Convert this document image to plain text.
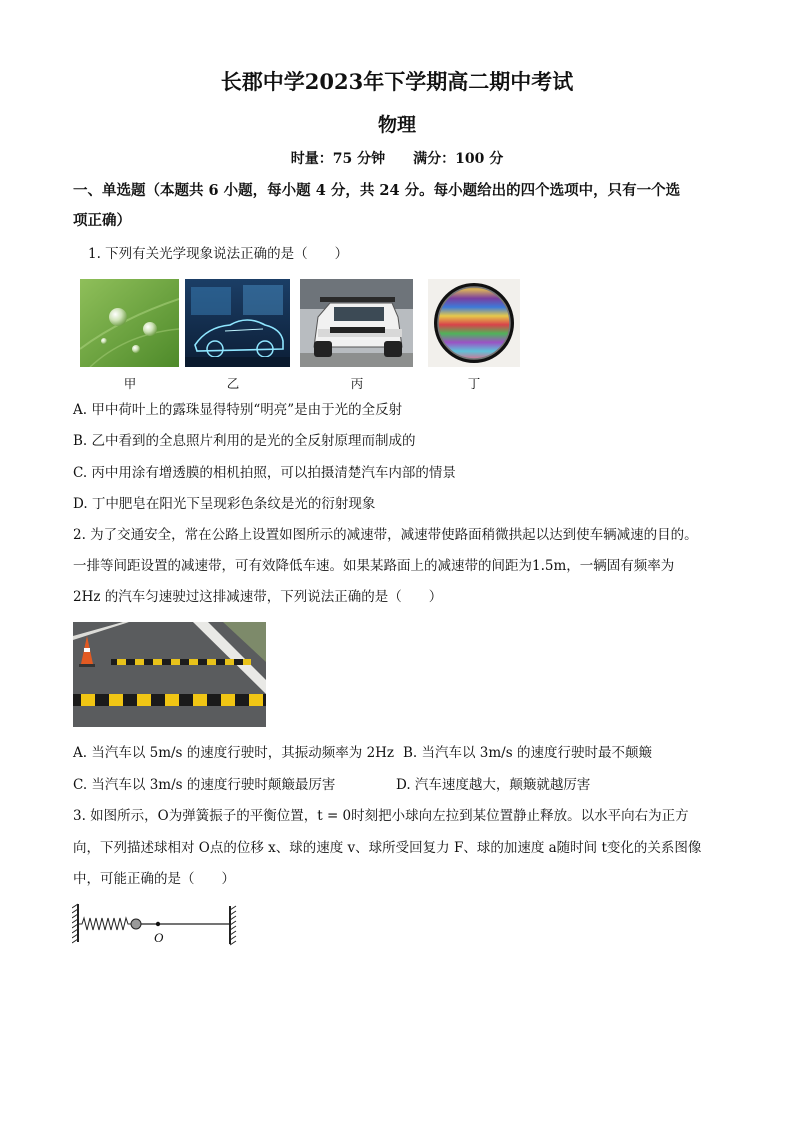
长郡中学2023年下学期高二期中考试
物理
时量：75 分钟 满分：100 分
一、单选题（本题共 6 小题，每小题 4 分，共 24 分。每小题给出的四个选项中，只有一个选
项正确）
1. 下列有关光学现象说法正确的是（　　）
甲	乙	丙	丁
A. 甲中荷叶上的露珠显得特别“明亮”是由于光的全反射
B. 乙中看到的全息照片利用的是光的全反射原理而制成的
C. 丙中用涂有增透膜的相机拍照，可以拍摄清楚汽车内部的情景
D. 丁中肥皂在阳光下呈现彩色条纹是光的衍射现象
2. 为了交通安全，常在公路上设置如图所示的减速带，减速带使路面稍微拱起以达到使车辆减速的目的。
一排等间距设置的减速带，可有效降低车速。如果某路面上的减速带的间距为1.5m，一辆固有频率为
2Hz 的汽车匀速驶过这排减速带，下列说法正确的是（　　）
A. 当汽车以 5m/s 的速度行驶时，其振动频率为 2Hz B. 当汽车以 3m/s 的速度行驶时最不颠簸
C. 当汽车以 3m/s 的速度行驶时颠簸最厉害	D. 汽车速度越大，颠簸就越厉害
3. 如图所示，O为弹簧振子的平衡位置，t = 0时刻把小球向左拉到某位置静止释放。以水平向右为正方
向，下列描述球相对 O点的位移 x、球的速度 v、球所受回复力 F、球的加速度 a随时间 t变化的关系图像
中，可能正确的是（　　）
O
